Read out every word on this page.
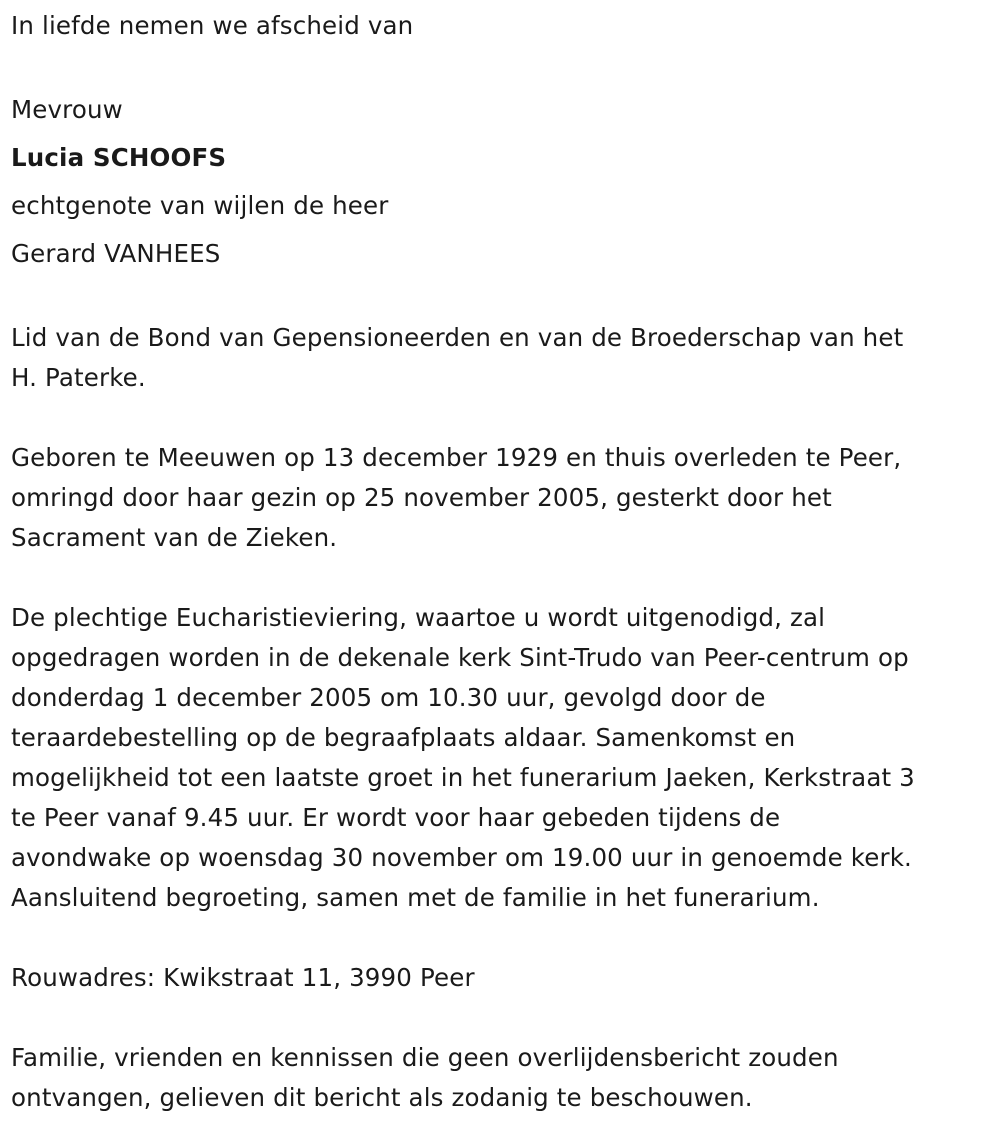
In liefde nemen we afscheid van

Mevrouw

Lucia SCHOOFS

echtgenote van wijlen de heer

Gerard VANHEES

Lid van de Bond van Gepensioneerden en van de Broederschap van het

H. Paterke.

Geboren te Meeuwen op 13 december 1929 en thuis overleden te Peer,

omringd door haar gezin op 25 november 2005, gesterkt door het

Sacrament van de Zieken.

De plechtige Eucharistieviering, waartoe u wordt uitgenodigd, zal

opgedragen worden in de dekenale kerk Sint-Trudo van Peer-centrum op

donderdag 1 december 2005 om 10.30 uur, gevolgd door de

teraardebestelling op de begraafplaats aldaar. Samenkomst en

mogelijkheid tot een laatste groet in het funerarium Jaeken, Kerkstraat 3

te Peer vanaf 9.45 uur. Er wordt voor haar gebeden tijdens de

avondwake op woensdag 30 november om 19.00 uur in genoemde kerk.

Aansluitend begroeting, samen met de familie in het funerarium.

Rouwadres: Kwikstraat 11, 3990 Peer

Familie, vrienden en kennissen die geen overlijdensbericht zouden

ontvangen, gelieven dit bericht als zodanig te beschouwen.
